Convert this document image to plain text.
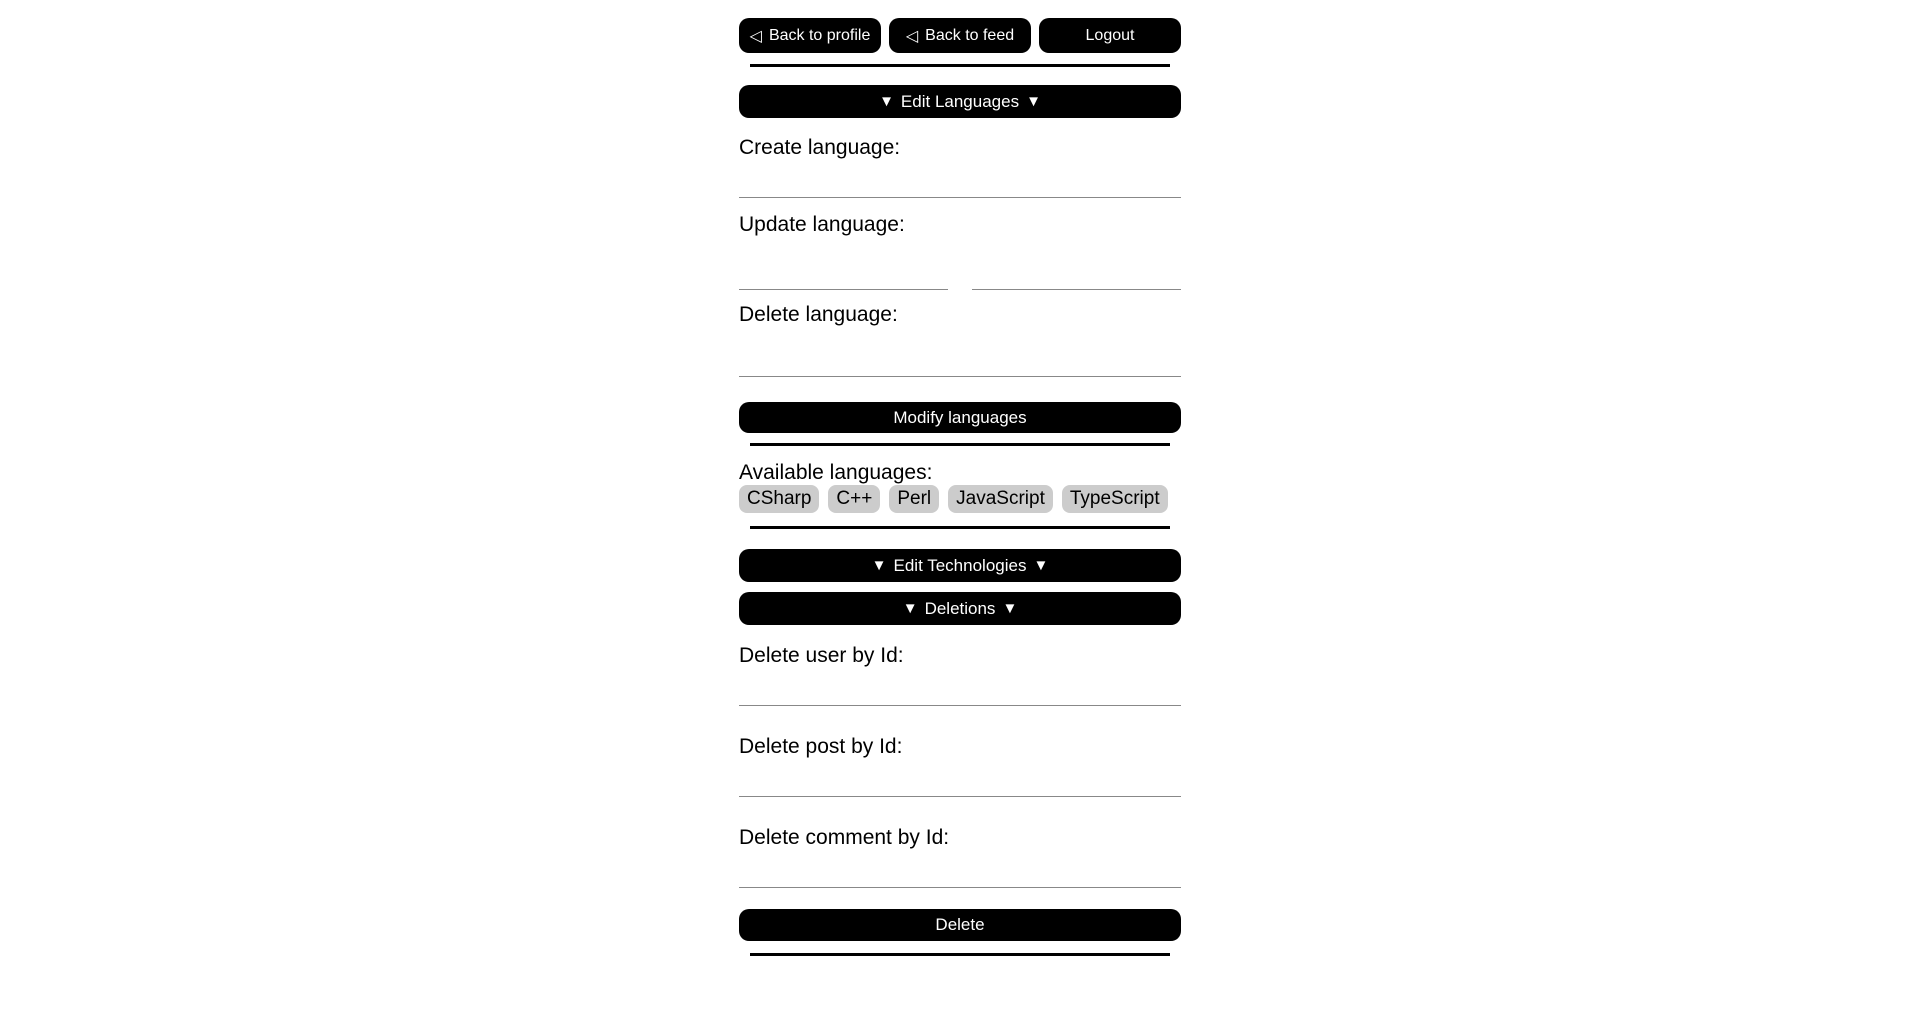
◁ Back to profile ◁ Back to feed	Logout
▼ Edit Languages ▼
Create language:
Update language:
Delete language:
Modify languages
Available languages:
CSharp	C++	Perl	JavaScript	TypeScript
▼ Edit Technologies ▼
▼ Deletions ▼
Delete user by Id:
Delete post by Id:
Delete comment by Id:
Delete
